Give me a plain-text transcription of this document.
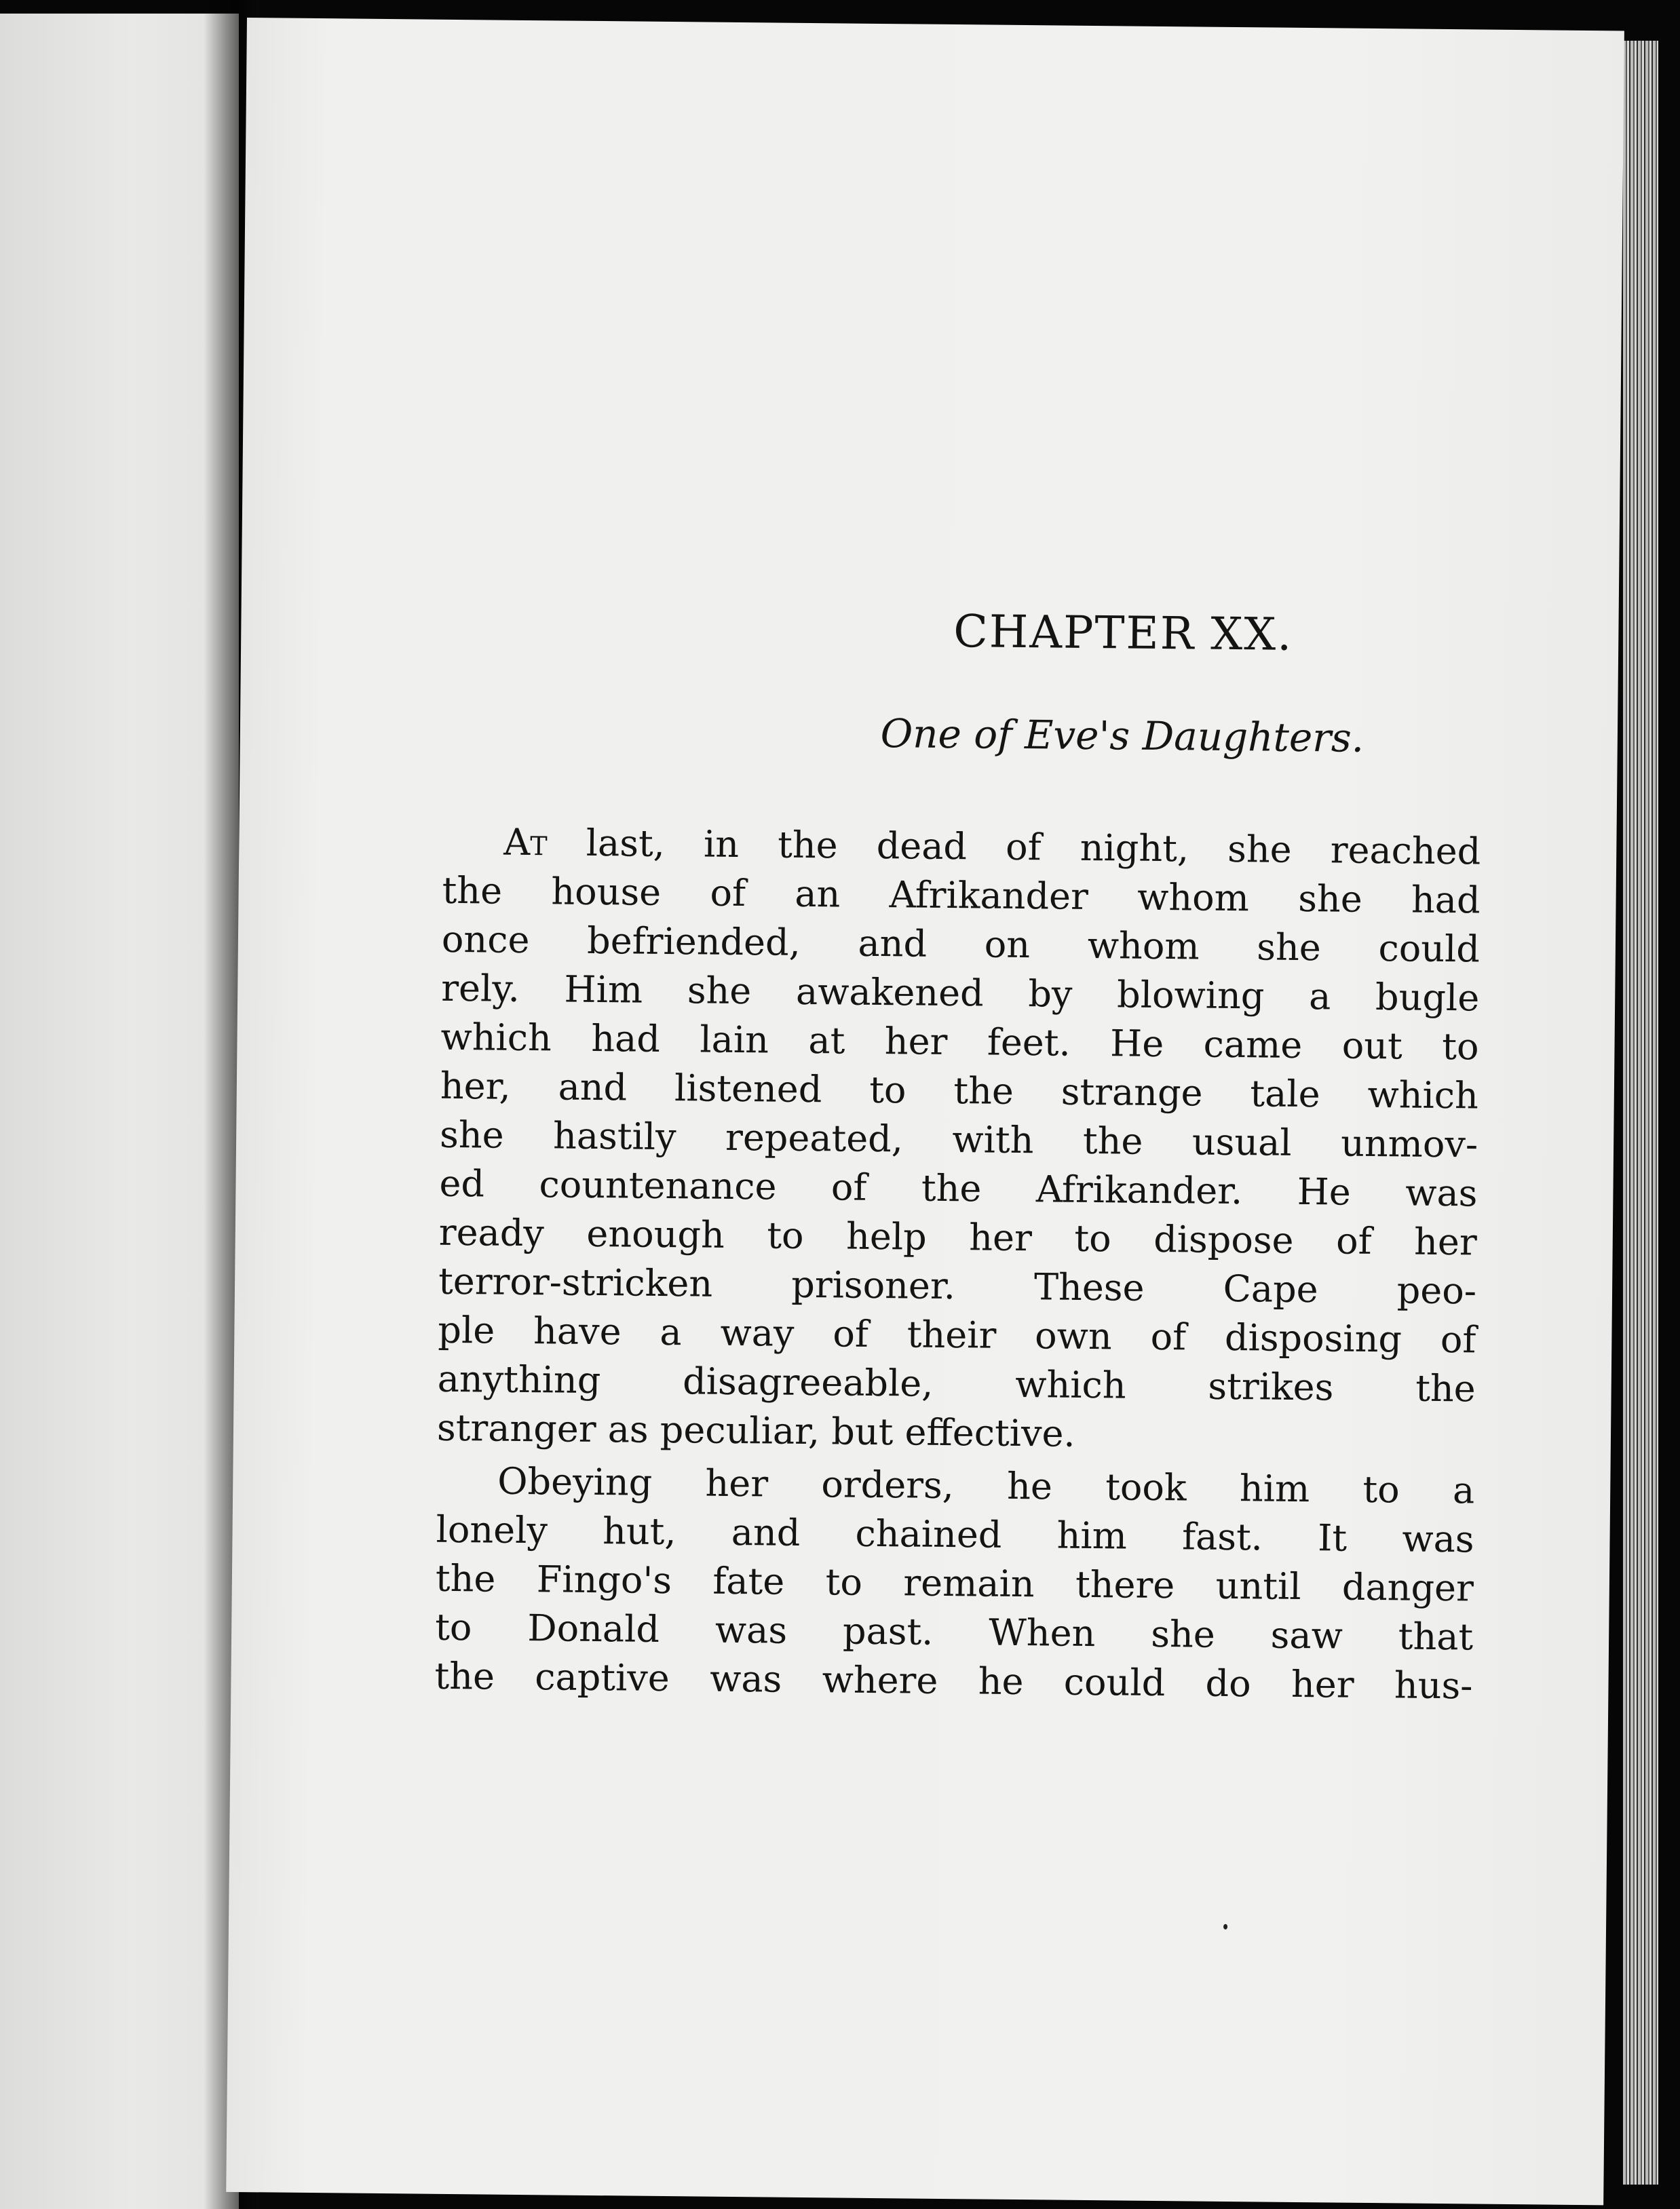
CHAPTER XX.
One of Eve's Daughters.
At last, in the dead of night, she reached
the house of an Afrikander whom she had
once befriended, and on whom she could
rely. Him she awakened by blowing a bugle
which had lain at her feet. He came out to
her, and listened to the strange tale which
she hastily repeated, with the usual unmov-
ed countenance of the Afrikander. He was
ready enough to help her to dispose of her
terror-stricken prisoner. These Cape peo-
ple have a way of their own of disposing of
anything disagreeable, which strikes the
stranger as peculiar, but effective.
Obeying her orders, he took him to a
lonely hut, and chained him fast. It was
the Fingo's fate to remain there until danger
to Donald was past. When she saw that
the captive was where he could do her hus-
